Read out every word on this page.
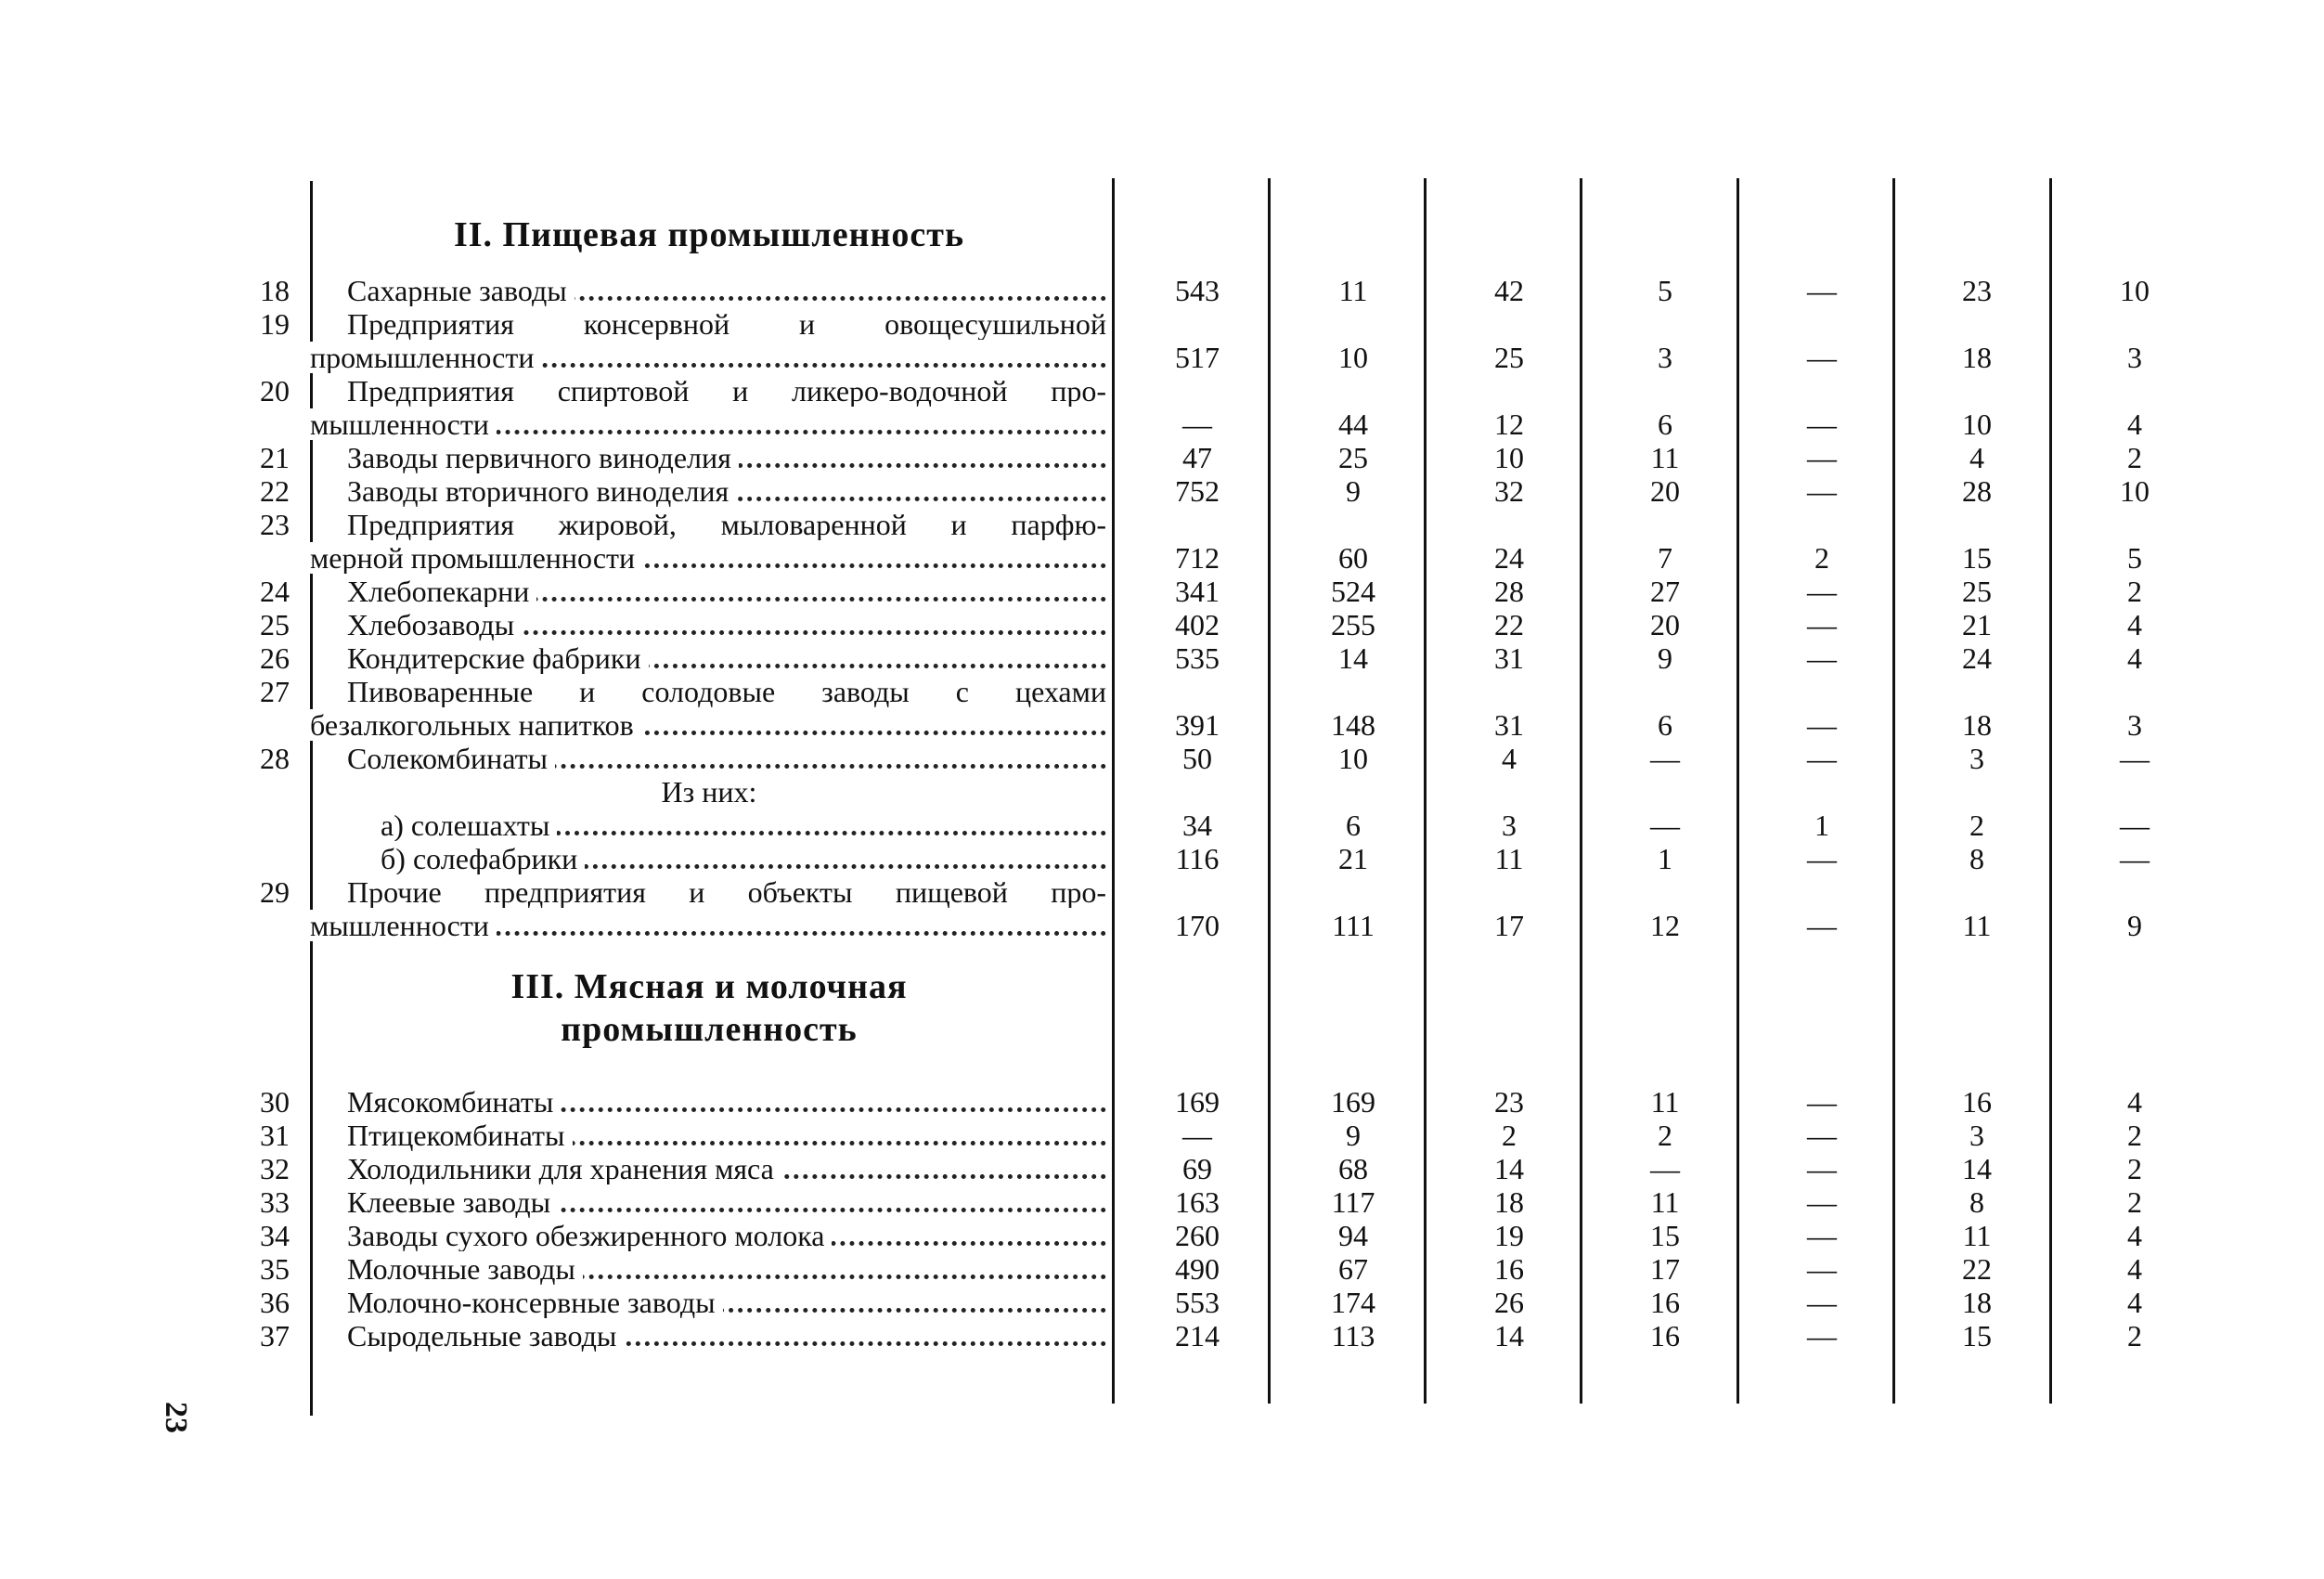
23
II. Пищевая промышленность
18 Сахарные заводы	543	11	42	5	—	23	10
19 Предприятия консервной и овощесушильной
промышленности	517	10	25	3	—	18	3
20 Предприятия спиртовой и ликеро-водочной про-
мышленности	—	44	12	6	—	10	4
21 Заводы первичного виноделия	47	25	10	11	—	4	2
22 Заводы вторичного виноделия	752	9	32	20	—	28	10
23 Предприятия жировой, мыловаренной и парфю-
мерной промышленности	712	60	24	7	2	15	5
24 Хлебопекарни	341	524	28	27	—	25	2
25 Хлебозаводы	402	255	22	20	—	21	4
26 Кондитерские фабрики	535	14	31	9	—	24	4
27 Пивоваренные и солодовые заводы с цехами
безалкогольных напитков	391	148	31	6	—	18	3
28 Солекомбинаты	50	10	4	—	—	3	—
Из них:
а) солешахты	34	6	3	—	1	2	—
б) солефабрики	116	21	11	1	—	8	—
29 Прочие предприятия и объекты пищевой про-
мышленности	170	111	17	12	—	11	9
III. Мясная и молочная
промышленность
30 Мясокомбинаты	169	169	23	11	—	16	4
31 Птицекомбинаты	—	9	2	2	—	3	2
32 Холодильники для хранения мяса	69	68	14	—	—	14	2
33 Клеевые заводы	163	117	18	11	—	8	2
34 Заводы сухого обезжиренного молока	260	94	19	15	—	11	4
35 Молочные заводы	490	67	16	17	—	22	4
36 Молочно-консервные заводы	553	174	26	16	—	18	4
37 Сыродельные заводы	214	113	14	16	—	15	2
